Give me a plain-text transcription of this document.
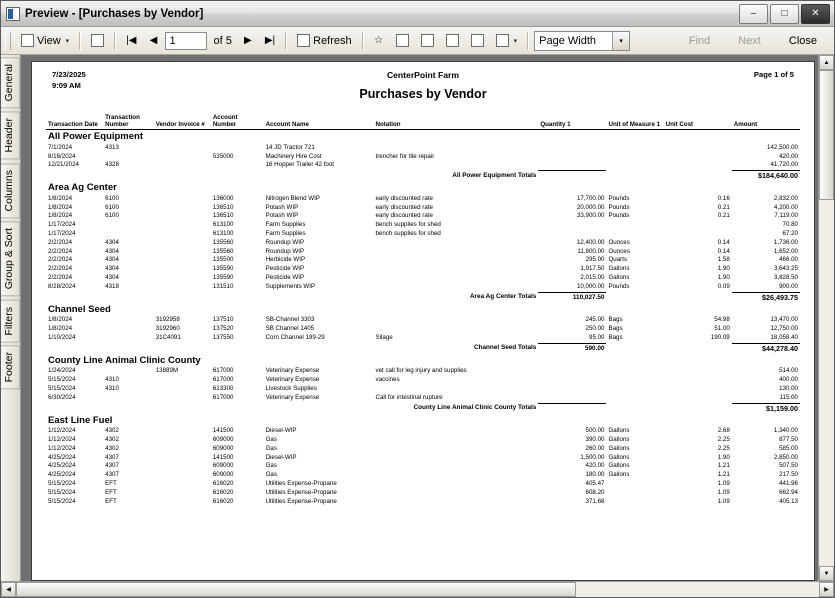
Preview - [Purchases by Vendor]	–	□	✕
View ▾	|◀ ◀
1	of 5	▶ ▶|	Refresh ☆	▾ Page Width	▾	Find	Next	Close
General
Header
Columns
Group & Sort
Filters
Footer
7/23/2025
9:09 AM
Page 1 of 5
CenterPoint Farm
Purchases by Vendor
Transaction Date	Transaction Number	Vendor Invoice #	Account Number	Account Name	Notation	Quantity 1	Unit of Measure 1	Unit Cost	Amount
All Power Equipment									
7/1/2024	4313			14 JD Tractor 721					142,500.00
8/16/2024			535000	Machinery Hire Cost	trencher for tile repair				420.00
12/21/2024	4328			16 Hopper Trailer 42 foot					41,720.00
All Power Equipment Totals									$184,640.00
Area Ag Center									
1/8/2024	6100		136000	Nitrogen Blend WIP	early discounted rate	17,700.00	Pounds	0.16	2,832.00
1/8/2024	6100		136510	Potash WIP	early discounted rate	20,000.00	Pounds	0.21	4,200.00
1/8/2024	6100		136510	Potash WIP	early discounted rate	33,900.00	Pounds	0.21	7,119.00
1/17/2024			613100	Farm Supplies	bench supplies for shed				70.80
1/17/2024			613100	Farm Supplies	bench supplies for shed				67.20
2/2/2024	4304		135560	Roundup WIP		12,400.00	Ounces	0.14	1,736.00
2/2/2024	4304		135560	Roundup WIP		11,800.00	Ounces	0.14	1,652.00
2/2/2024	4304		135500	Herbicide WIP		295.00	Quarts	1.58	466.00
2/2/2024	4304		135590	Pesticide WIP		1,917.50	Gallons	1.90	3,643.25
2/2/2024	4304		135590	Pesticide WIP		2,015.00	Gallons	1.90	3,828.50
8/28/2024	4318		131510	Supplements WIP		10,000.00	Pounds	0.09	900.00
Area Ag Center Totals						110,027.50			$26,493.75
Channel Seed									
1/8/2024		3192958	137510	SB-Channel 3303		245.00	Bags	54.98	13,470.00
1/8/2024		3192960	137520	SB Channel 1405		250.00	Bags	51.00	12,750.00
1/10/2024		31C4091	137550	Corn Channel 199-29	Silage	95.00	Bags	190.09	18,058.40
Channel Seed Totals						590.00			$44,278.40
County Line Animal Clinic County									
1/24/2024		13889M	617000	Veterinary Expense	vet call for leg injury and supplies				514.00
5/15/2024	4310		617000	Veterinary Expense	vaccines				400.00
5/15/2024	4310		613300	Livestock Supplies					130.00
6/30/2024			617000	Veterinary Expense	Call for intestinal rupture				115.00
County Line Animal Clinic County Totals									$1,159.00
East Line Fuel									
1/12/2024	4302		141500	Diesel-WIP		500.00	Gallons	2.68	1,340.00
1/12/2024	4302		609000	Gas		390.00	Gallons	2.25	877.50
1/12/2024	4302		609000	Gas		260.00	Gallons	2.25	585.00
4/25/2024	4307		141500	Diesel-WIP		1,500.00	Gallons	1.90	2,850.00
4/25/2024	4307		609000	Gas		420.00	Gallons	1.21	507.50
4/25/2024	4307		609000	Gas		180.00	Gallons	1.21	217.50
5/15/2024	EFT		616020	Utilities Expense-Propane		405.47		1.09	441.96
5/15/2024	EFT		616020	Utilities Expense-Propane		608.20		1.09	662.94
5/15/2024	EFT		616020	Utilities Expense-Propane		371.68		1.09	405.13
▲
▼
◀	▶
